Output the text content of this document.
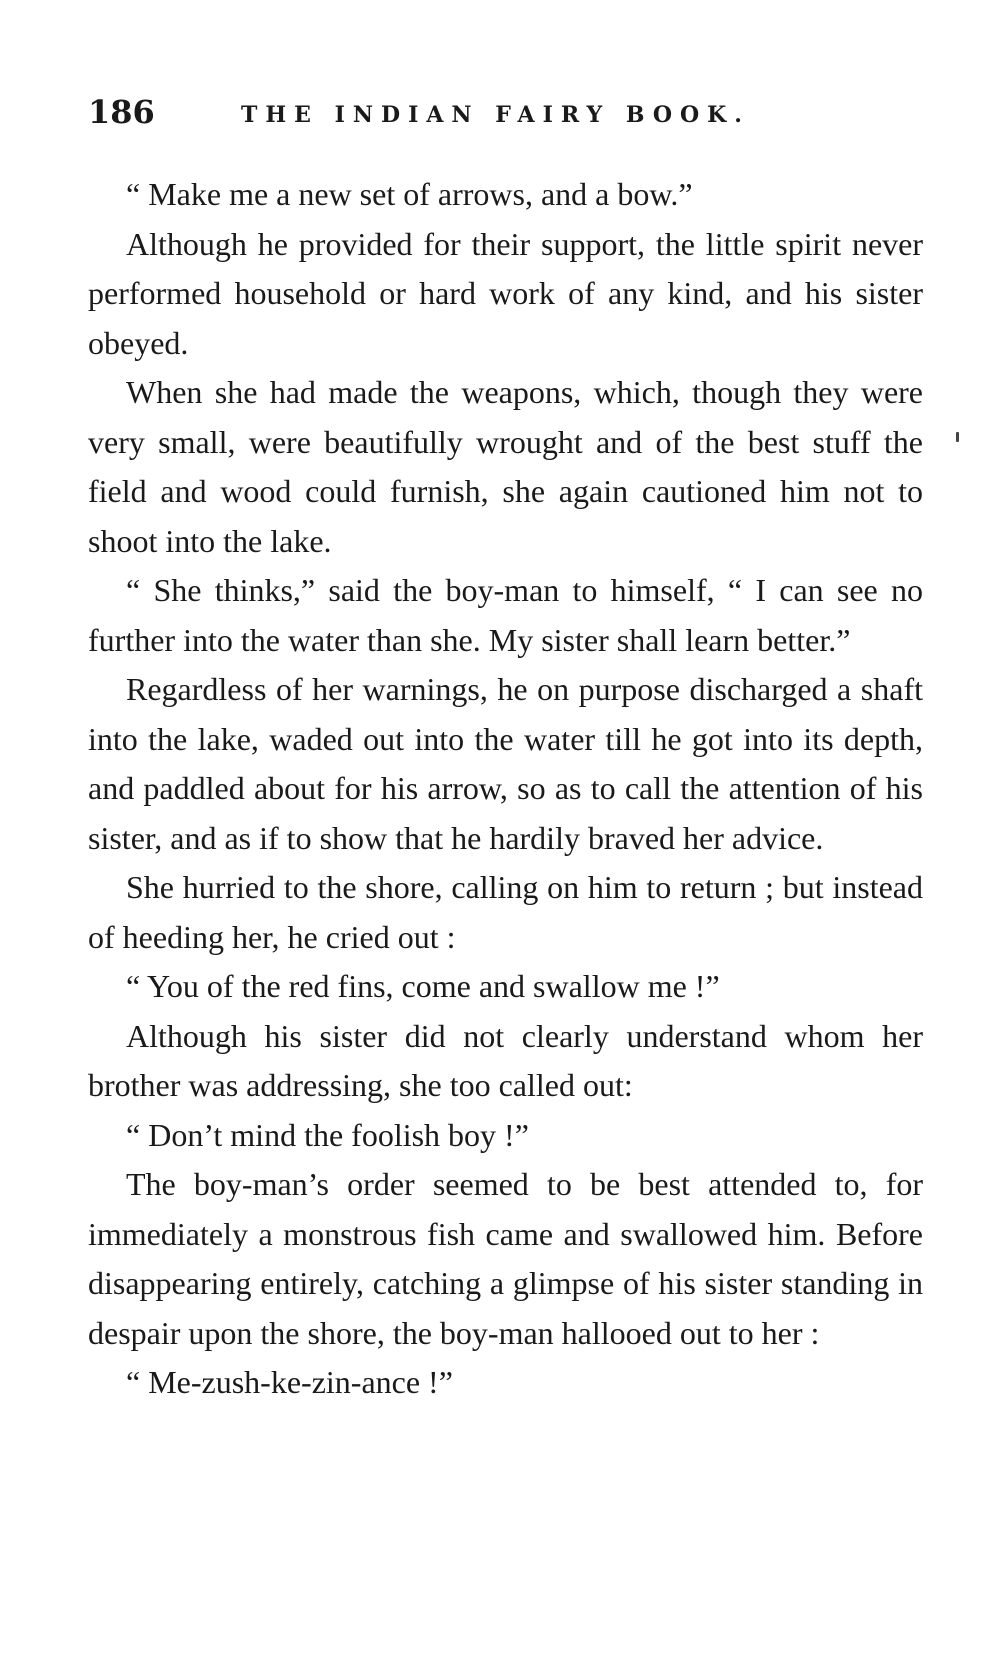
186	THE INDIAN FAIRY BOOK.

“ Make me a new set of arrows, and a bow.”

Although he provided for their support, the little spirit never performed household or hard work of any kind, and his sister obeyed.

When she had made the weapons, which, though they were very small, were beautifully wrought and of the best stuff the field and wood could furnish, she again cautioned him not to shoot into the lake.

“ She thinks,” said the boy-man to himself, “ I can see no further into the water than she. My sister shall learn better.”

Regardless of her warnings, he on purpose discharged a shaft into the lake, waded out into the water till he got into its depth, and paddled about for his arrow, so as to call the attention of his sister, and as if to show that he hardily braved her advice.

She hurried to the shore, calling on him to return ; but instead of heeding her, he cried out :

“ You of the red fins, come and swallow me !”

Although his sister did not clearly understand whom her brother was addressing, she too called out:

“ Don’t mind the foolish boy !”

The boy-man’s order seemed to be best attended to, for immediately a monstrous fish came and swallowed him. Before disappearing entirely, catching a glimpse of his sister standing in despair upon the shore, the boy-man hallooed out to her :

“ Me-zush-ke-zin-ance !”
